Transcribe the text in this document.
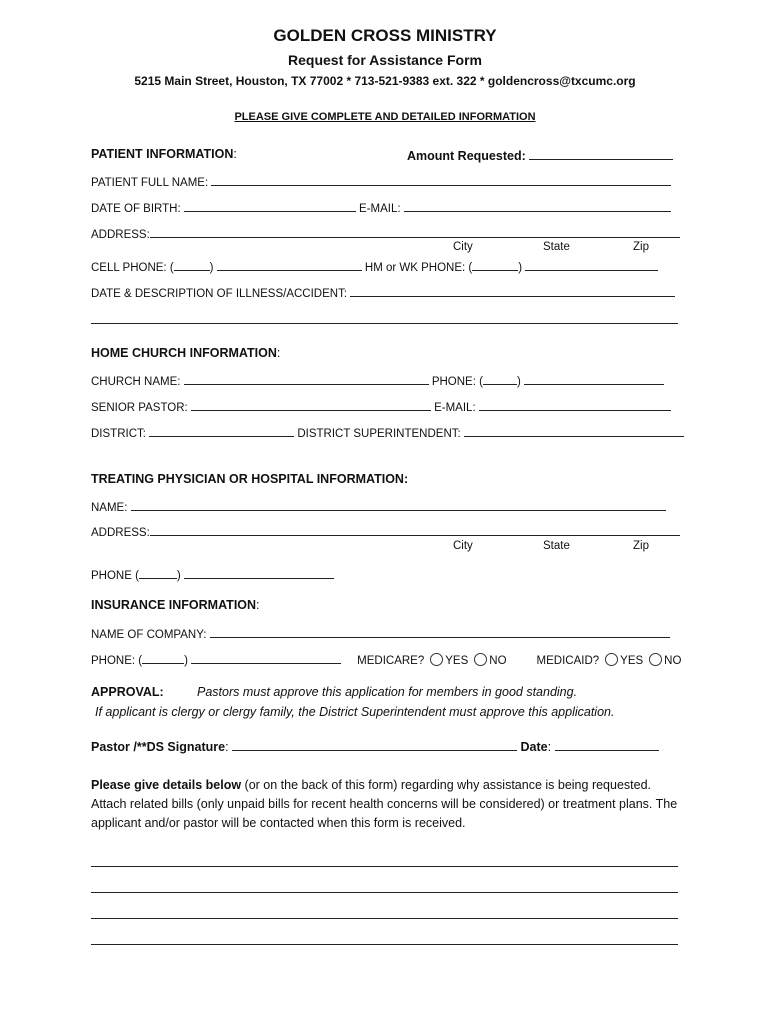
GOLDEN CROSS MINISTRY
Request for Assistance Form
5215 Main Street, Houston, TX 77002 * 713-521-9383 ext. 322 * goldencross@txcumc.org
PLEASE GIVE COMPLETE AND DETAILED INFORMATION
PATIENT INFORMATION:	Amount Requested:
PATIENT FULL NAME:
DATE OF BIRTH:	E-MAIL:
ADDRESS:
City	State	Zip
CELL PHONE: (	)	HM or WK PHONE: (	)
DATE & DESCRIPTION OF ILLNESS/ACCIDENT:
HOME CHURCH INFORMATION:
CHURCH NAME:	PHONE: (	)
SENIOR PASTOR:	E-MAIL:
DISTRICT:	DISTRICT SUPERINTENDENT:
TREATING PHYSICIAN OR HOSPITAL INFORMATION:
NAME:
ADDRESS:
City	State	Zip
PHONE (	)
INSURANCE INFORMATION:
NAME OF COMPANY:
PHONE: (	)	MEDICARE? YES NO	MEDICAID? YES NO
APPROVAL:	Pastors must approve this application for members in good standing.
If applicant is clergy or clergy family, the District Superintendent must approve this application.
Pastor /**DS Signature:	Date:
Please give details below (or on the back of this form) regarding why assistance is being requested. Attach related bills (only unpaid bills for recent health concerns will be considered) or treatment plans. The applicant and/or pastor will be contacted when this form is received.
